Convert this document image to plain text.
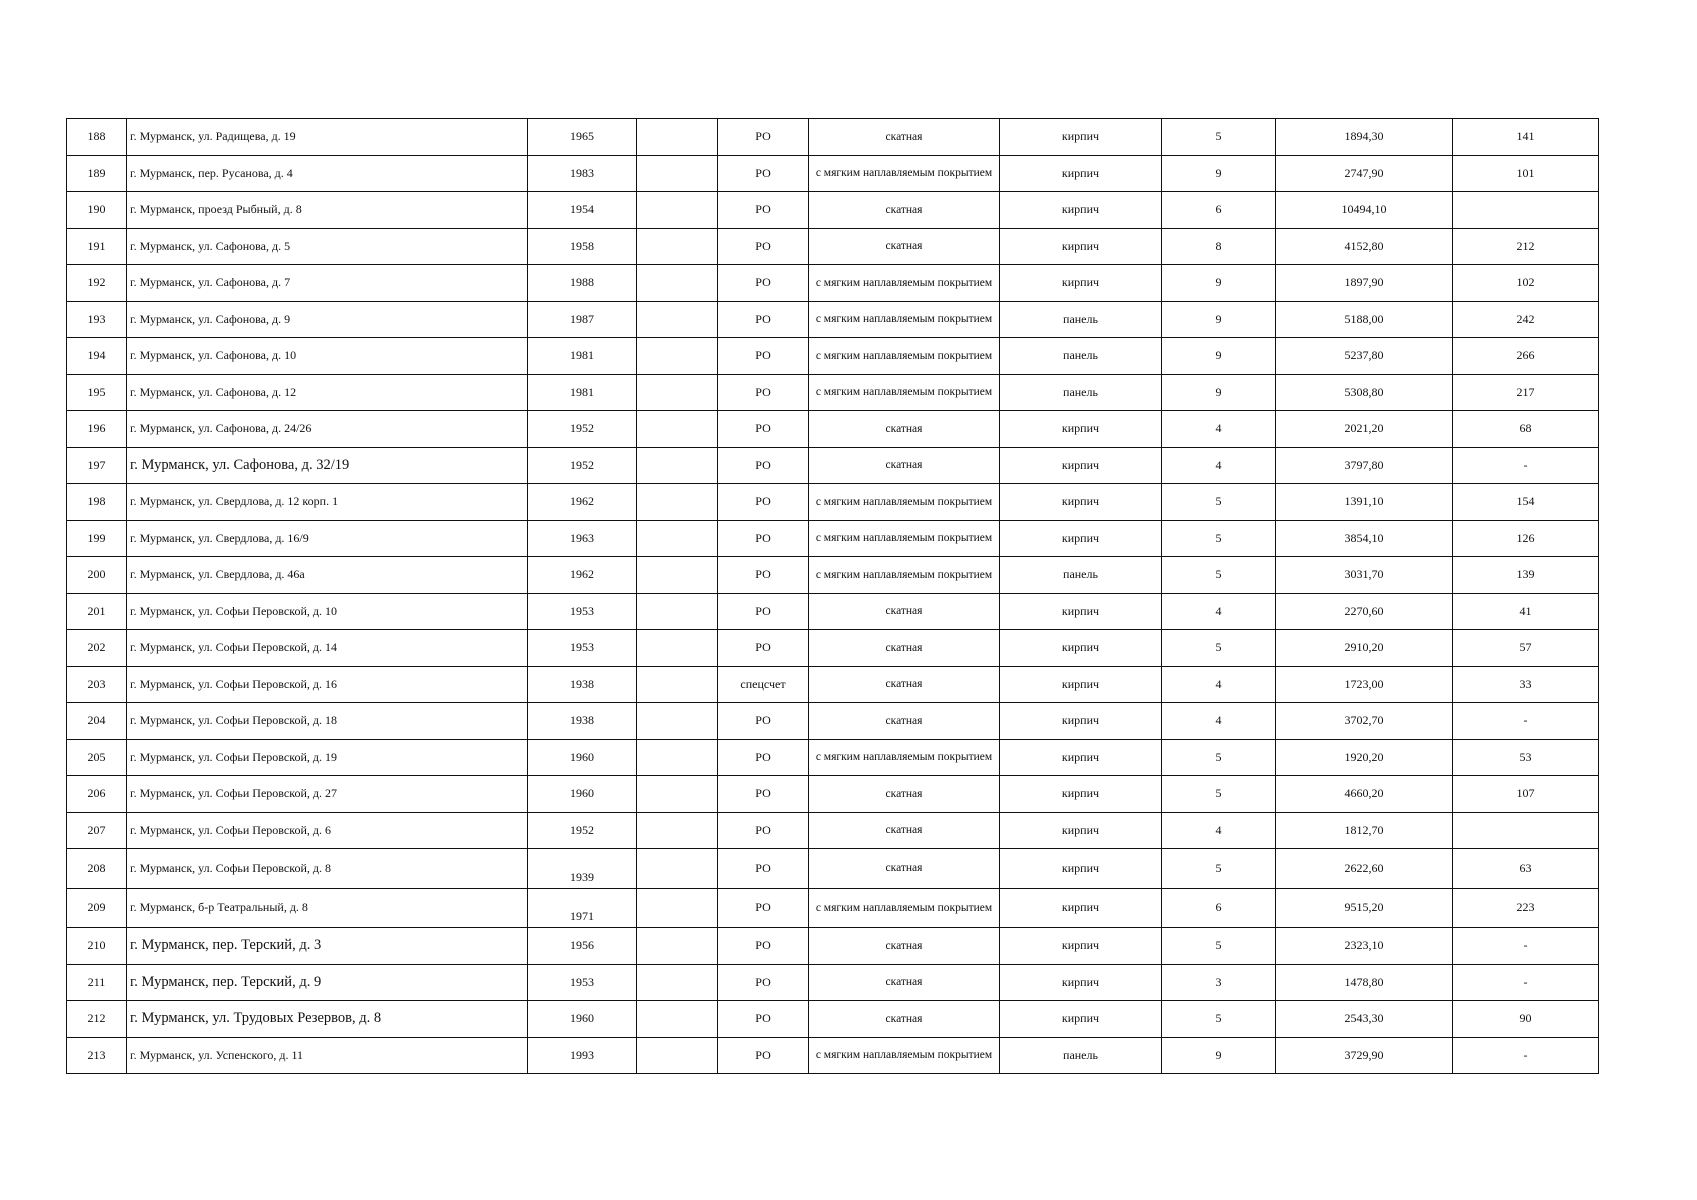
188	г. Мурманск, ул. Радищева, д. 19	1965		РО	скатная	кирпич	5	1894,30	141
189	г. Мурманск, пер. Русанова, д. 4	1983		РО	с мягким наплавляемым покрытием	кирпич	9	2747,90	101
190	г. Мурманск, проезд Рыбный, д. 8	1954		РО	скатная	кирпич	6	10494,10	
191	г. Мурманск, ул. Сафонова, д. 5	1958		РО	скатная	кирпич	8	4152,80	212
192	г. Мурманск, ул. Сафонова, д. 7	1988		РО	с мягким наплавляемым покрытием	кирпич	9	1897,90	102
193	г. Мурманск, ул. Сафонова, д. 9	1987		РО	с мягким наплавляемым покрытием	панель	9	5188,00	242
194	г. Мурманск, ул. Сафонова, д. 10	1981		РО	с мягким наплавляемым покрытием	панель	9	5237,80	266
195	г. Мурманск, ул. Сафонова, д. 12	1981		РО	с мягким наплавляемым покрытием	панель	9	5308,80	217
196	г. Мурманск, ул. Сафонова, д. 24/26	1952		РО	скатная	кирпич	4	2021,20	68
197	г. Мурманск, ул. Сафонова, д. 32/19	1952		РО	скатная	кирпич	4	3797,80	-
198	г. Мурманск, ул. Свердлова, д. 12 корп. 1	1962		РО	с мягким наплавляемым покрытием	кирпич	5	1391,10	154
199	г. Мурманск, ул. Свердлова, д. 16/9	1963		РО	с мягким наплавляемым покрытием	кирпич	5	3854,10	126
200	г. Мурманск, ул. Свердлова, д. 46а	1962		РО	с мягким наплавляемым покрытием	панель	5	3031,70	139
201	г. Мурманск, ул. Софьи Перовской, д. 10	1953		РО	скатная	кирпич	4	2270,60	41
202	г. Мурманск, ул. Софьи Перовской, д. 14	1953		РО	скатная	кирпич	5	2910,20	57
203	г. Мурманск, ул. Софьи Перовской, д. 16	1938		спецсчет	скатная	кирпич	4	1723,00	33
204	г. Мурманск, ул. Софьи Перовской, д. 18	1938		РО	скатная	кирпич	4	3702,70	-
205	г. Мурманск, ул. Софьи Перовской, д. 19	1960		РО	с мягким наплавляемым покрытием	кирпич	5	1920,20	53
206	г. Мурманск, ул. Софьи Перовской, д. 27	1960		РО	скатная	кирпич	5	4660,20	107
207	г. Мурманск, ул. Софьи Перовской, д. 6	1952		РО	скатная	кирпич	4	1812,70	
208	г. Мурманск, ул. Софьи Перовской, д. 8	1939		РО	скатная	кирпич	5	2622,60	63
209	г. Мурманск, б-р Театральный, д. 8	1971		РО	с мягким наплавляемым покрытием	кирпич	6	9515,20	223
210	г. Мурманск, пер. Терский, д. 3	1956		РО	скатная	кирпич	5	2323,10	-
211	г. Мурманск, пер. Терский, д. 9	1953		РО	скатная	кирпич	3	1478,80	-
212	г. Мурманск, ул. Трудовых Резервов, д. 8	1960		РО	скатная	кирпич	5	2543,30	90
213	г. Мурманск, ул. Успенского, д. 11	1993		РО	с мягким наплавляемым покрытием	панель	9	3729,90	-
